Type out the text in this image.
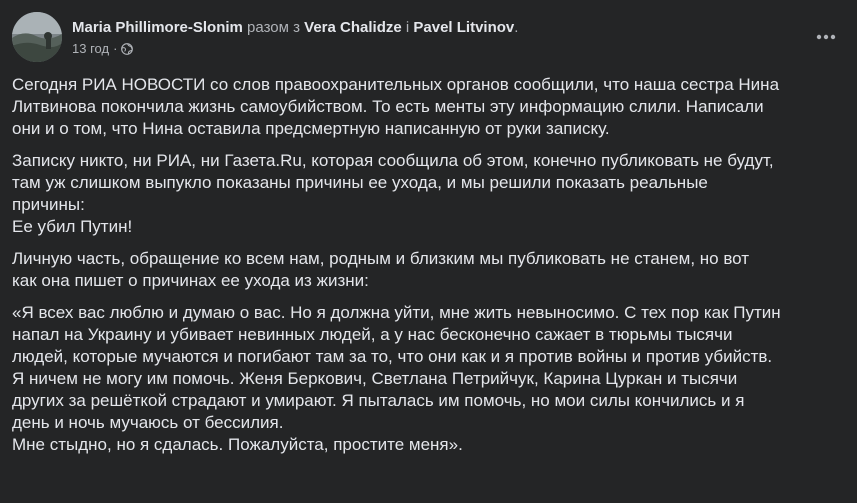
Maria Phillimore-Slonim разом з Vera Chalidze і Pavel Litvinov.
13 год ·

Сегодня РИА НОВОСТИ со слов правоохранительных органов сообщили, что наша сестра Нина
Литвинова покончила жизнь самоубийством. То есть менты эту информацию слили. Написали
они и о том, что Нина оставила предсмертную написанную от руки записку.

Записку никто, ни РИА, ни Газета.Ru, которая сообщила об этом, конечно публиковать не будут,
там уж слишком выпукло показаны причины ее ухода, и мы решили показать реальные
причины:
Ее убил Путин!

Личную часть, обращение ко всем нам, родным и близким мы публиковать не станем, но вот
как она пишет о причинах ее ухода из жизни:

«Я всех вас люблю и думаю о вас. Но я должна уйти, мне жить невыносимо. С тех пор как Путин
напал на Украину и убивает невинных людей, а у нас бесконечно сажает в тюрьмы тысячи
людей, которые мучаются и погибают там за то, что они как и я против войны и против убийств.
Я ничем не могу им помочь. Женя Беркович, Светлана Петрийчук, Карина Цуркан и тысячи
других за решёткой страдают и умирают. Я пыталась им помочь, но мои силы кончились и я
день и ночь мучаюсь от бессилия.
Мне стыдно, но я сдалась. Пожалуйста, простите меня».
